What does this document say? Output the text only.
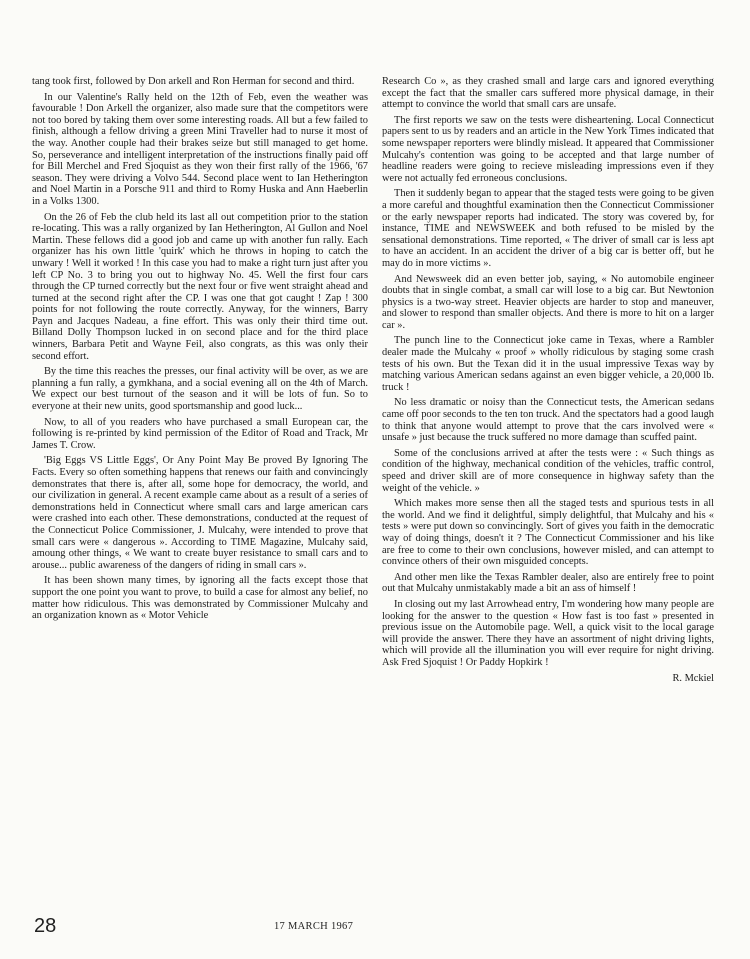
tang took first, followed by Don arkell and Ron Herman for second and third.

In our Valentine's Rally held on the 12th of Feb, even the weather was favourable ! Don Arkell the organizer, also made sure that the competitors were not too bored by taking them over some interesting roads. All but a few failed to finish, although a fellow driving a green Mini Traveller had to nurse it most of the way. Another couple had their brakes seize but still managed to get home. So, perseverance and intelligent interpretation of the instructions finally paid off for Bill Merchel and Fred Sjoquist as they won their first rally of the 1966, '67 season. They were driving a Volvo 544. Second place went to Ian Hetherington and Noel Martin in a Porsche 911 and third to Romy Huska and Ann Haeberlin in a Volks 1300.

On the 26 of Feb the club held its last all out competition prior to the station re-locating. This was a rally organized by Ian Hetherington, Al Gullon and Noel Martin. These fellows did a good job and came up with another fun rally. Each organizer has his own little 'quirk' which he throws in hoping to catch the unwary ! Well it worked ! In this case you had to make a right turn just after you left CP No. 3 to bring you out to highway No. 45. Well the first four cars through the CP turned correctly but the next four or five went straight ahead and turned at the second right after the CP. I was one that got caught ! Zap ! 300 points for not following the route correctly. Anyway, for the winners, Barry Payn and Jacques Nadeau, a fine effort. This was only their third time out. Billand Dolly Thompson lucked in on second place and for the third place winners, Barbara Petit and Wayne Feil, also congrats, as this was only their second effort.

By the time this reaches the presses, our final activity will be over, as we are planning a fun rally, a gymkhana, and a social evening all on the 4th of March. We expect our best turnout of the season and it will be lots of fun. So to everyone at their new units, good sportsmanship and good luck...

Now, to all of you readers who have purchased a small European car, the following is re-printed by kind permission of the Editor of Road and Track, Mr James T. Crow.

'Big Eggs VS Little Eggs', Or Any Point May Be proved By Ignoring The Facts. Every so often something happens that renews our faith and convincingly demonstrates that there is, after all, some hope for democracy, the world, and our civilization in general. A recent example came about as a result of a series of demonstrations held in Connecticut where small cars and large american cars were crashed into each other. These demonstrations, conducted at the request of the Connecticut Police Commissioner, J. Mulcahy, were intended to prove that small cars were « dangerous ». According to TIME Magazine, Mulcahy said, amoung other things, « We want to create buyer resistance to small cars and to arouse... public awareness of the dangers of riding in small cars ».

It has been shown many times, by ignoring all the facts except those that support the one point you want to prove, to build a case for almost any belief, no matter how ridiculous. This was demonstrated by Commissioner Mulcahy and an organization known as « Motor Vehicle

Research Co », as they crashed small and large cars and ignored everything except the fact that the smaller cars suffered more physical damage, in their attempt to convince the world that small cars are unsafe.

The first reports we saw on the tests were disheartening. Local Connecticut papers sent to us by readers and an article in the New York Times indicated that some newspaper reporters were blindly mislead. It appeared that Commissioner Mulcahy's contention was going to be accepted and that large number of headline readers were going to recieve misleading impressions even if they were not actually fed erroneous conclusions.

Then it suddenly began to appear that the staged tests were going to be given a more careful and thoughtful examination then the Connecticut Commissioner or the early newspaper reports had indicated. The story was covered by, for instance, TIME and NEWSWEEK and both refused to be misled by the sensational demonstrations. Time reported, « The driver of small car is less apt to have an accident. In an accident the driver of a big car is better off, but he may do in more victims ».

And Newsweek did an even better job, saying, « No automobile engineer doubts that in single combat, a small car will lose to a big car. But Newtonion physics is a two-way street. Heavier objects are harder to stop and maneuver, and slower to respond than smaller objects. And there is more to hit on a larger car ».

The punch line to the Connecticut joke came in Texas, where a Rambler dealer made the Mulcahy « proof » wholly ridiculous by staging some crash tests of his own. But the Texan did it in the usual impressive Texas way by matching various American sedans against an even bigger vehicle, a 20,000 lb. truck !

No less dramatic or noisy than the Connecticut tests, the American sedans came off poor seconds to the ten ton truck. And the spectators had a good laugh to think that anyone would attempt to prove that the cars involved were « unsafe » just because the truck suffered no more damage than scuffed paint.

Some of the conclusions arrived at after the tests were : « Such things as condition of the highway, mechanical condition of the vehicles, traffic control, speed and driver skill are of more consequence in highway safety than the weight of the vehicle. »

Which makes more sense then all the staged tests and spurious tests in all the world. And we find it delightful, simply delightful, that Mulcahy and his « tests » were put down so convincingly. Sort of gives you faith in the democratic way of doing things, doesn't it ? The Connecticut Commissioner and his like are free to come to their own conclusions, however misled, and can attempt to convince others of their own misguided concepts.

And other men like the Texas Rambler dealer, also are entirely free to point out that Mulcahy unmistakably made a bit an ass of himself !

In closing out my last Arrowhead entry, I'm wondering how many people are looking for the answer to the question « How fast is too fast » presented in previous issue on the Automobile page. Well, a quick visit to the local garage will provide the answer. There they have an assortment of night driving lights, which will provide all the illumination you will ever require for night driving. Ask Fred Sjoquist ! Or Paddy Hopkirk !

R. Mckiel

28	17 MARCH 1967
